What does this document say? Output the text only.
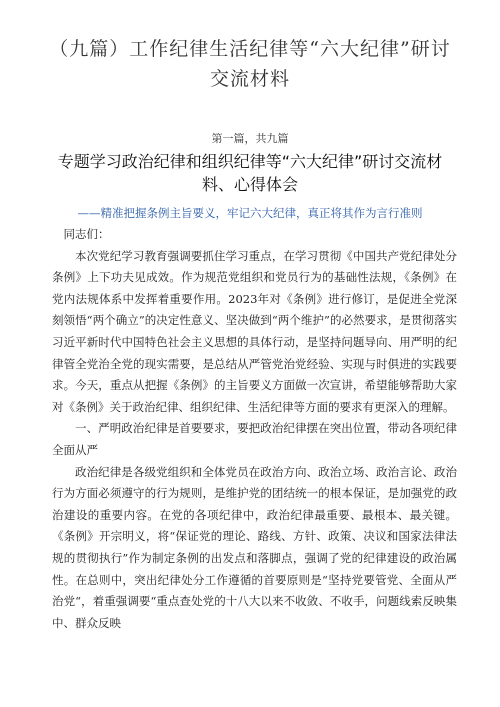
（九篇）工作纪律生活纪律等“六大纪律”研讨交流材料
第一篇，共九篇
专题学习政治纪律和组织纪律等“六大纪律”研讨交流材料、心得体会
——精准把握条例主旨要义，牢记六大纪律，真正将其作为言行准则

同志们：

本次党纪学习教育强调要抓住学习重点，在学习贯彻《中国共产党纪律处分条例》上下功夫见成效。作为规范党组织和党员行为的基础性法规，《条例》在党内法规体系中发挥着重要作用。2023年对《条例》进行修订，是促进全党深刻领悟“两个确立”的决定性意义、坚决做到“两个维护”的必然要求，是贯彻落实习近平新时代中国特色社会主义思想的具体行动，是坚持问题导向、用严明的纪律管全党治全党的现实需要，是总结从严管党治党经验、实现与时俱进的实践要求。今天，重点从把握《条例》的主旨要义方面做一次宣讲，希望能够帮助大家对《条例》关于政治纪律、组织纪律、生活纪律等方面的要求有更深入的理解。

一、严明政治纪律是首要要求，要把政治纪律摆在突出位置，带动各项纪律全面从严

政治纪律是各级党组织和全体党员在政治方向、政治立场、政治言论、政治行为方面必须遵守的行为规则，是维护党的团结统一的根本保证，是加强党的政治建设的重要内容。在党的各项纪律中，政治纪律最重要、最根本、最关键。《条例》开宗明义，将“保证党的理论、路线、方针、政策、决议和国家法律法规的贯彻执行”作为制定条例的出发点和落脚点，强调了党的纪律建设的政治属性。在总则中，突出纪律处分工作遵循的首要原则是“坚持党要管党、全面从严治党“，着重强调要“重点查处党的十八大以来不收敛、不收手，问题线索反映集中、群众反映
